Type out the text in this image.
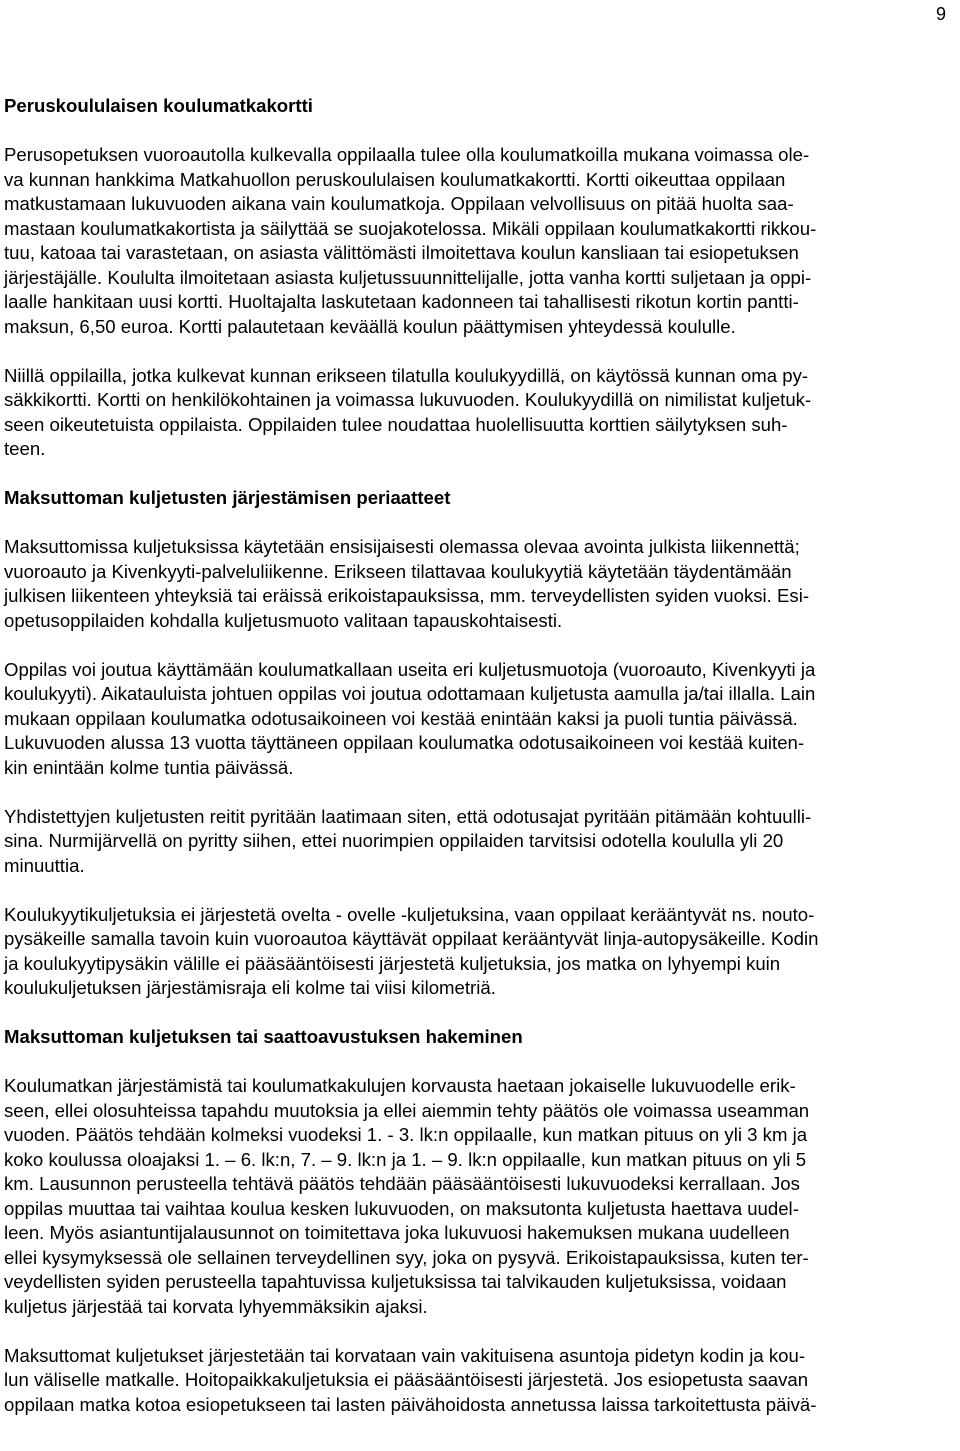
9
Peruskoululaisen koulumatkakortti
Perusopetuksen vuoroautolla kulkevalla oppilaalla tulee olla koulumatkoilla mukana voimassa ole-
va kunnan hankkima Matkahuollon peruskoululaisen koulumatkakortti. Kortti oikeuttaa oppilaan
matkustamaan lukuvuoden aikana vain koulumatkoja. Oppilaan velvollisuus on pitää huolta saa-
mastaan koulumatkakortista ja säilyttää se suojakotelossa. Mikäli oppilaan koulumatkakortti rikkou-
tuu, katoaa tai varastetaan, on asiasta välittömästi ilmoitettava koulun kansliaan tai esiopetuksen
järjestäjälle. Koululta ilmoitetaan asiasta kuljetussuunnittelijalle, jotta vanha kortti suljetaan ja oppi-
laalle hankitaan uusi kortti. Huoltajalta laskutetaan kadonneen tai tahallisesti rikotun kortin pantti-
maksun, 6,50 euroa. Kortti palautetaan keväällä koulun päättymisen yhteydessä koululle.
Niillä oppilailla, jotka kulkevat kunnan erikseen tilatulla koulukyydillä, on käytössä kunnan oma py-
säkkikortti. Kortti on henkilökohtainen ja voimassa lukuvuoden. Koulukyydillä on nimilistat kuljetuk-
seen oikeutetuista oppilaista. Oppilaiden tulee noudattaa huolellisuutta korttien säilytyksen suh-
teen.
Maksuttoman kuljetusten järjestämisen periaatteet
Maksuttomissa kuljetuksissa käytetään ensisijaisesti olemassa olevaa avointa julkista liikennettä;
vuoroauto ja Kivenkyyti-palveluliikenne. Erikseen tilattavaa koulukyytiä käytetään täydentämään
julkisen liikenteen yhteyksiä tai eräissä erikoistapauksissa, mm. terveydellisten syiden vuoksi. Esi-
opetusoppilaiden kohdalla kuljetusmuoto valitaan tapauskohtaisesti.
Oppilas voi joutua käyttämään koulumatkallaan useita eri kuljetusmuotoja (vuoroauto, Kivenkyyti ja
koulukyyti). Aikatauluista johtuen oppilas voi joutua odottamaan kuljetusta aamulla ja/tai illalla. Lain
mukaan oppilaan koulumatka odotusaikoineen voi kestää enintään kaksi ja puoli tuntia päivässä.
Lukuvuoden alussa 13 vuotta täyttäneen oppilaan koulumatka odotusaikoineen voi kestää kuiten-
kin enintään kolme tuntia päivässä.
Yhdistettyjen kuljetusten reitit pyritään laatimaan siten, että odotusajat pyritään pitämään kohtuulli-
sina. Nurmijärvellä on pyritty siihen, ettei nuorimpien oppilaiden tarvitsisi odotella koululla yli 20
minuuttia.
Koulukyytikuljetuksia ei järjestetä ovelta - ovelle -kuljetuksina, vaan oppilaat kerääntyvät ns. nouto-
pysäkeille samalla tavoin kuin vuoroautoa käyttävät oppilaat kerääntyvät linja-autopysäkeille. Kodin
ja koulukyytipysäkin välille ei pääsääntöisesti järjestetä kuljetuksia, jos matka on lyhyempi kuin
koulukuljetuksen järjestämisraja eli kolme tai viisi kilometriä.
Maksuttoman kuljetuksen tai saattoavustuksen hakeminen
Koulumatkan järjestämistä tai koulumatkakulujen korvausta haetaan jokaiselle lukuvuodelle erik-
seen, ellei olosuhteissa tapahdu muutoksia ja ellei aiemmin tehty päätös ole voimassa useamman
vuoden. Päätös tehdään kolmeksi vuodeksi 1. - 3. lk:n oppilaalle, kun matkan pituus on yli 3 km ja
koko koulussa oloajaksi 1. – 6. lk:n, 7. – 9. lk:n ja 1. – 9. lk:n oppilaalle, kun matkan pituus on yli 5
km. Lausunnon perusteella tehtävä päätös tehdään pääsääntöisesti lukuvuodeksi kerrallaan. Jos
oppilas muuttaa tai vaihtaa koulua kesken lukuvuoden, on maksutonta kuljetusta haettava uudel-
leen. Myös asiantuntijalausunnot on toimitettava joka lukuvuosi hakemuksen mukana uudelleen
ellei kysymyksessä ole sellainen terveydellinen syy, joka on pysyvä. Erikoistapauksissa, kuten ter-
veydellisten syiden perusteella tapahtuvissa kuljetuksissa tai talvikauden kuljetuksissa, voidaan
kuljetus järjestää tai korvata lyhyemmäksikin ajaksi.
Maksuttomat kuljetukset järjestetään tai korvataan vain vakituisena asuntoja pidetyn kodin ja kou-
lun väliselle matkalle. Hoitopaikkakuljetuksia ei pääsääntöisesti järjestetä. Jos esiopetusta saavan
oppilaan matka kotoa esiopetukseen tai lasten päivähoidosta annetussa laissa tarkoitettusta päivä-
